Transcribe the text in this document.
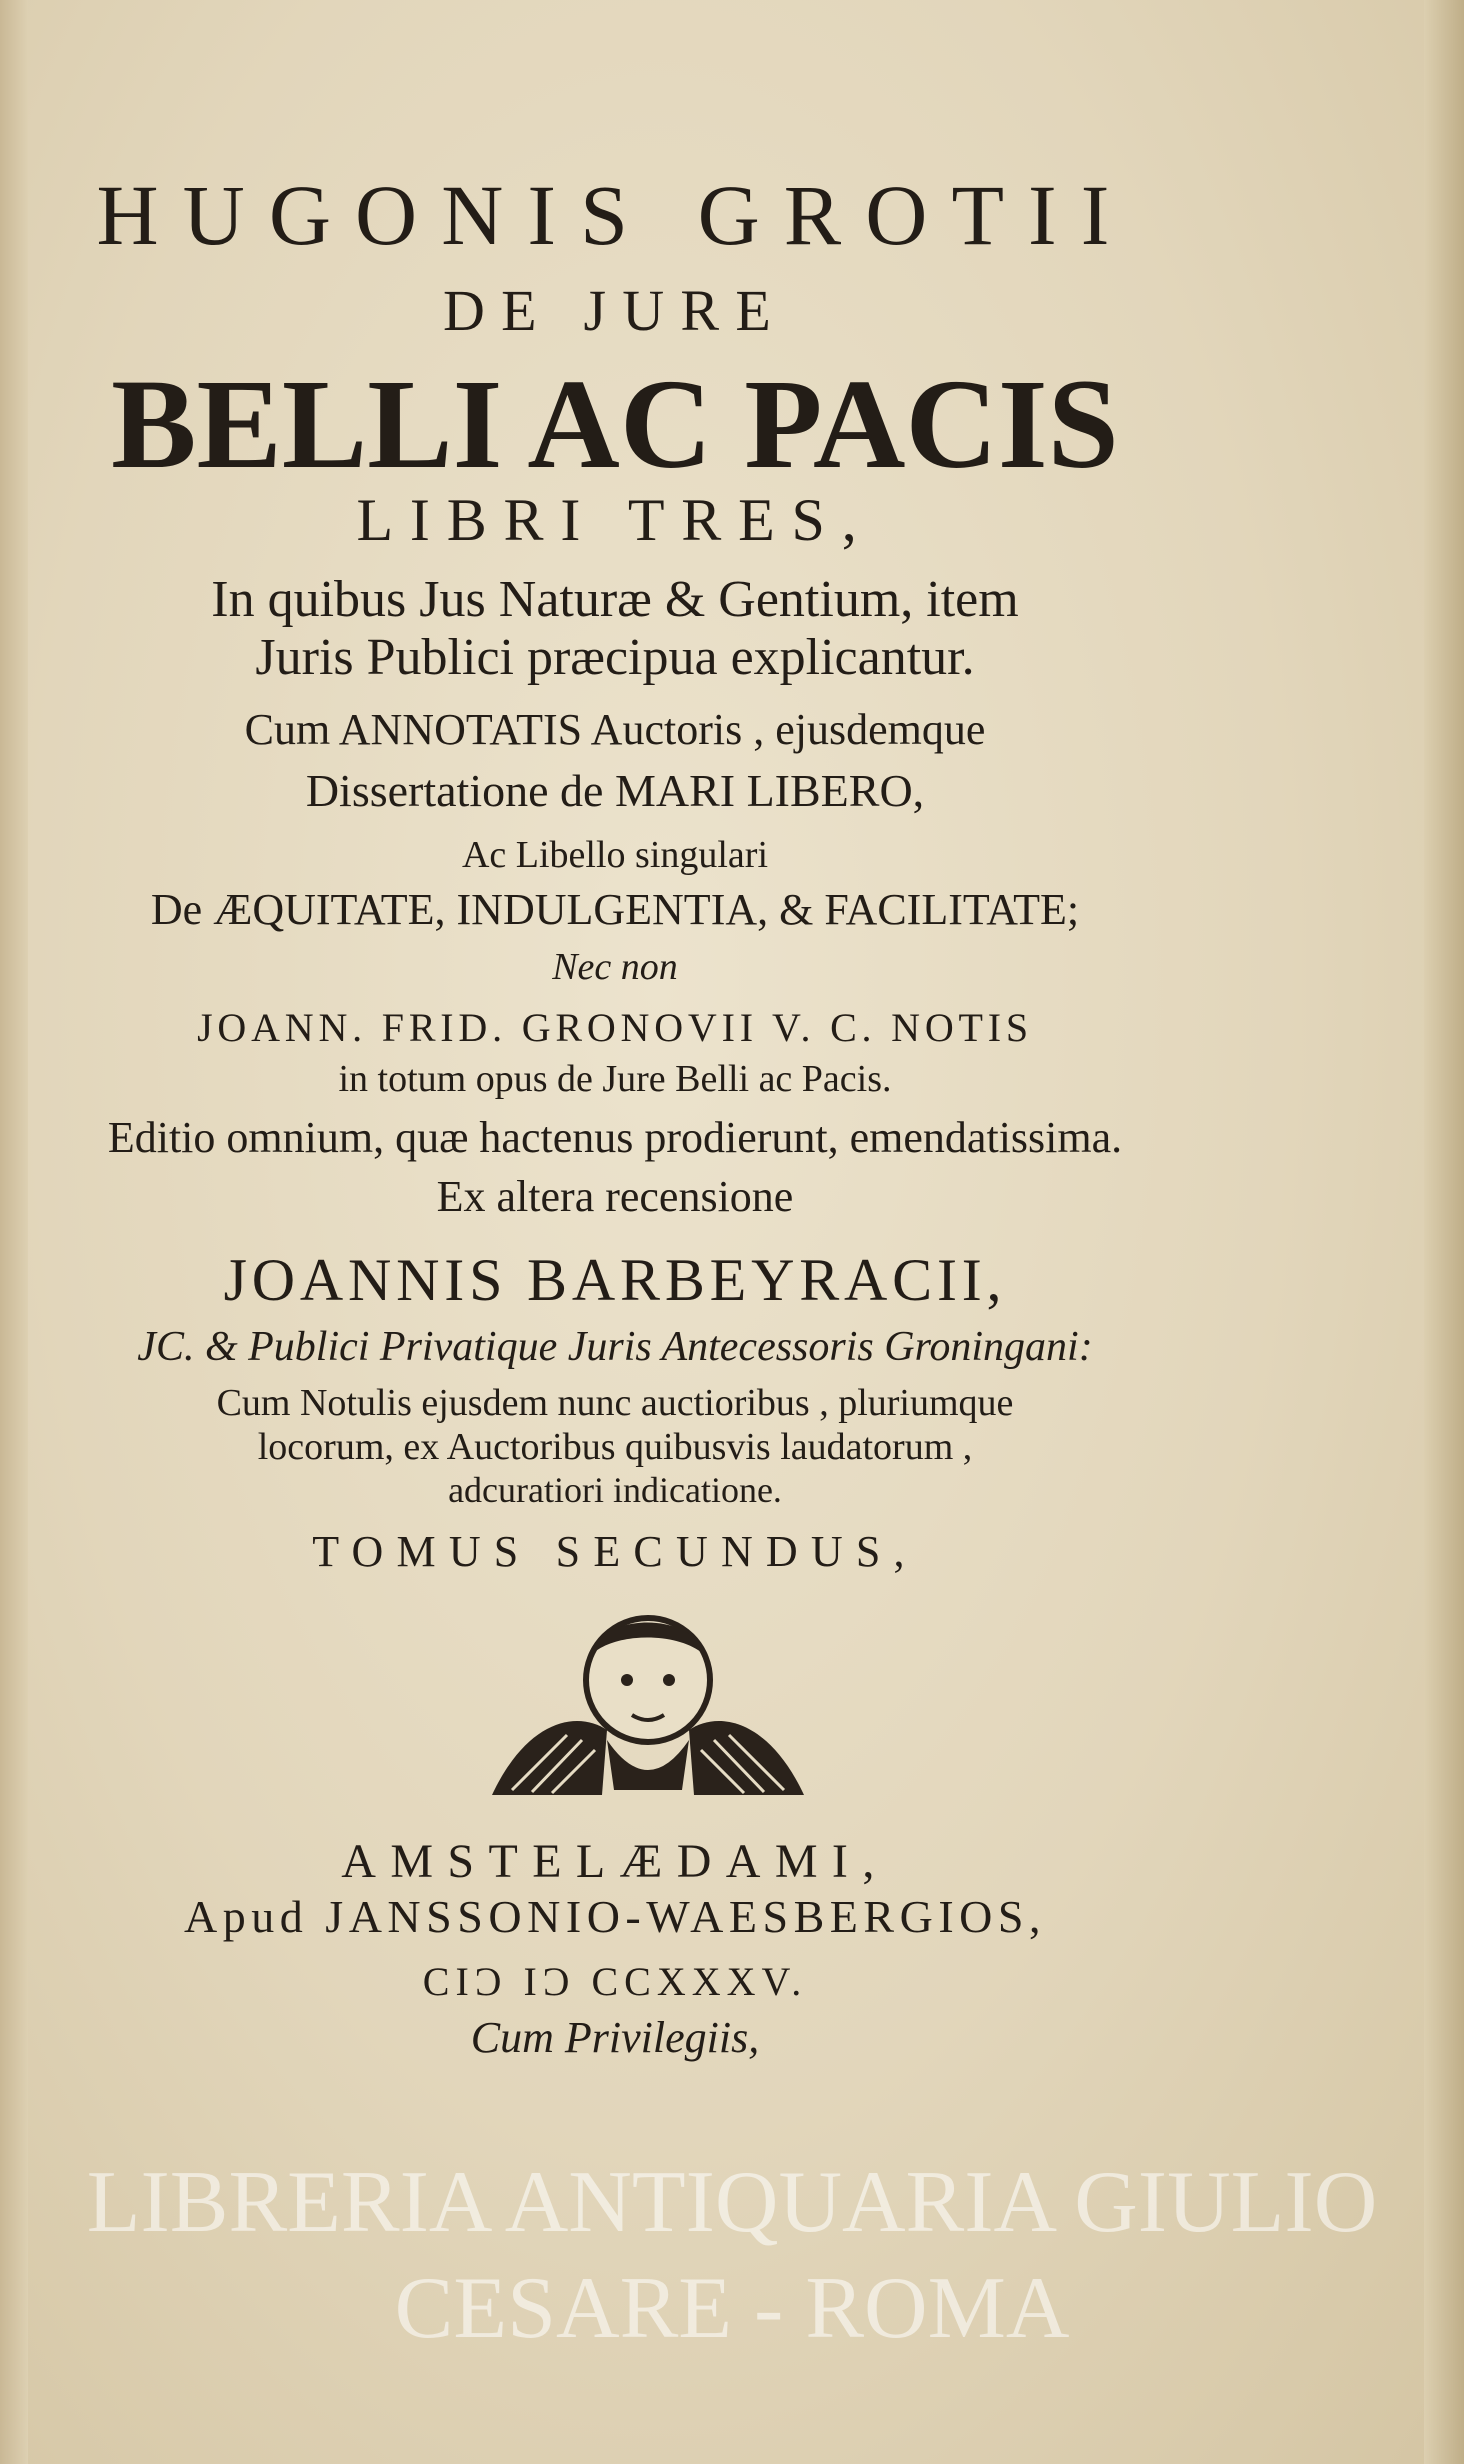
HUGONIS GROTII
DE JURE
BELLI AC PACIS
LIBRI TRES,
In quibus Jus Naturæ & Gentium, item
Juris Publici præcipua explicantur.
Cum ANNOTATIS Auctoris , ejusdemque
Dissertatione de MARI LIBERO,
Ac Libello singulari
De ÆQUITATE, INDULGENTIA, & FACILITATE;
Nec non
JOANN. FRID. GRONOVII V. C. NOTIS
in totum opus de Jure Belli ac Pacis.
Editio omnium, quæ hactenus prodierunt, emendatissima.
Ex altera recensione
JOANNIS BARBEYRACII,
JC. & Publici Privatique Juris Antecessoris Groningani:
Cum Notulis ejusdem nunc auctioribus , pluriumque
locorum, ex Auctoribus quibusvis laudatorum ,
adcuratiori indicatione.
TOMUS SECUNDUS,
AMSTELÆDAMI,
Apud JANSSONIO-WAESBERGIOS,
CIƆ IƆ CCXXXV.
Cum Privilegiis,
LIBRERIA ANTIQUARIA GIULIO CESARE - ROMA
